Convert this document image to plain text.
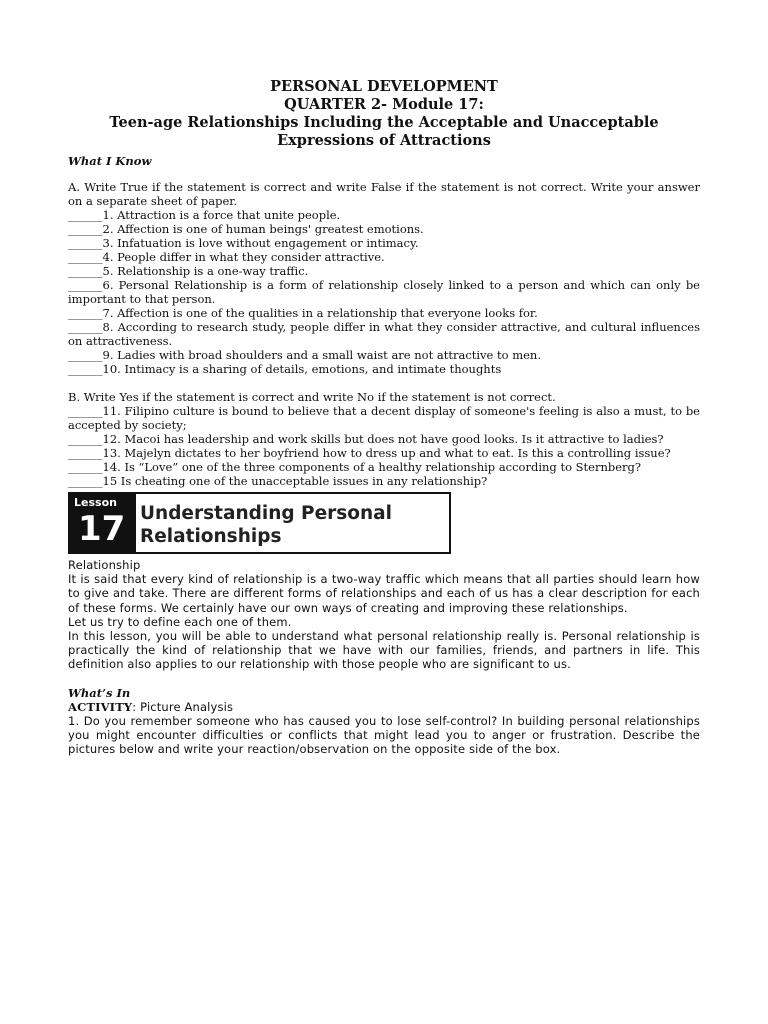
PERSONAL DEVELOPMENT

QUARTER 2- Module 17:

Teen-age Relationships Including the Acceptable and Unacceptable

Expressions of Attractions

What I Know

A. Write True if the statement is correct and write False if the statement is not correct. Write your answer on a separate sheet of paper.

______1. Attraction is a force that unite people.

______2. Affection is one of human beings' greatest emotions.

______3. Infatuation is love without engagement or intimacy.

______4. People differ in what they consider attractive.

______5. Relationship is a one-way traffic.

______6. Personal Relationship is a form of relationship closely linked to a person and which can only be important to that person.

______7. Affection is one of the qualities in a relationship that everyone looks for.

______8. According to research study, people differ in what they consider attractive, and cultural influences on attractiveness.

______9. Ladies with broad shoulders and a small waist are not attractive to men.

______10. Intimacy is a sharing of details, emotions, and intimate thoughts

B. Write Yes if the statement is correct and write No if the statement is not correct.

______11. Filipino culture is bound to believe that a decent display of someone's feeling is also a must, to be accepted by society;

______12. Macoi has leadership and work skills but does not have good looks. Is it attractive to ladies?

______13. Majelyn dictates to her boyfriend how to dress up and what to eat. Is this a controlling issue?

______14. Is “Love” one of the three components of a healthy relationship according to Sternberg?

______15 Is cheating one of the unacceptable issues in any relationship?

Lesson
17 Understanding Personal
Relationships

Relationship

It is said that every kind of relationship is a two-way traffic which means that all parties should learn how to give and take. There are different forms of relationships and each of us has a clear description for each of these forms. We certainly have our own ways of creating and improving these relationships.

Let us try to define each one of them.

In this lesson, you will be able to understand what personal relationship really is. Personal relationship is practically the kind of relationship that we have with our families, friends, and partners in life. This definition also applies to our relationship with those people who are significant to us.

What’s In

ACTIVITY: Picture Analysis

1. Do you remember someone who has caused you to lose self-control? In building personal relationships you might encounter difficulties or conflicts that might lead you to anger or frustration. Describe the pictures below and write your reaction/observation on the opposite side of the box.
